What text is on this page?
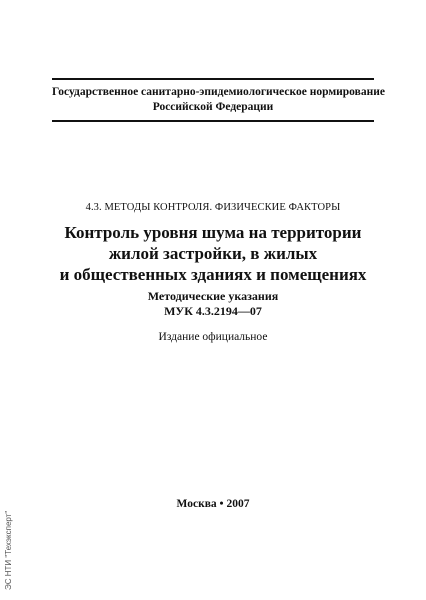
Государственное санитарно-эпидемиологическое нормирование
Российской Федерации
4.3. МЕТОДЫ КОНТРОЛЯ. ФИЗИЧЕСКИЕ ФАКТОРЫ
Контроль уровня шума на территории
жилой застройки, в жилых
и общественных зданиях и помещениях
Методические указания
МУК 4.3.2194—07
Издание официальное
Москва • 2007
ЭС НТИ "Техэксперт"
